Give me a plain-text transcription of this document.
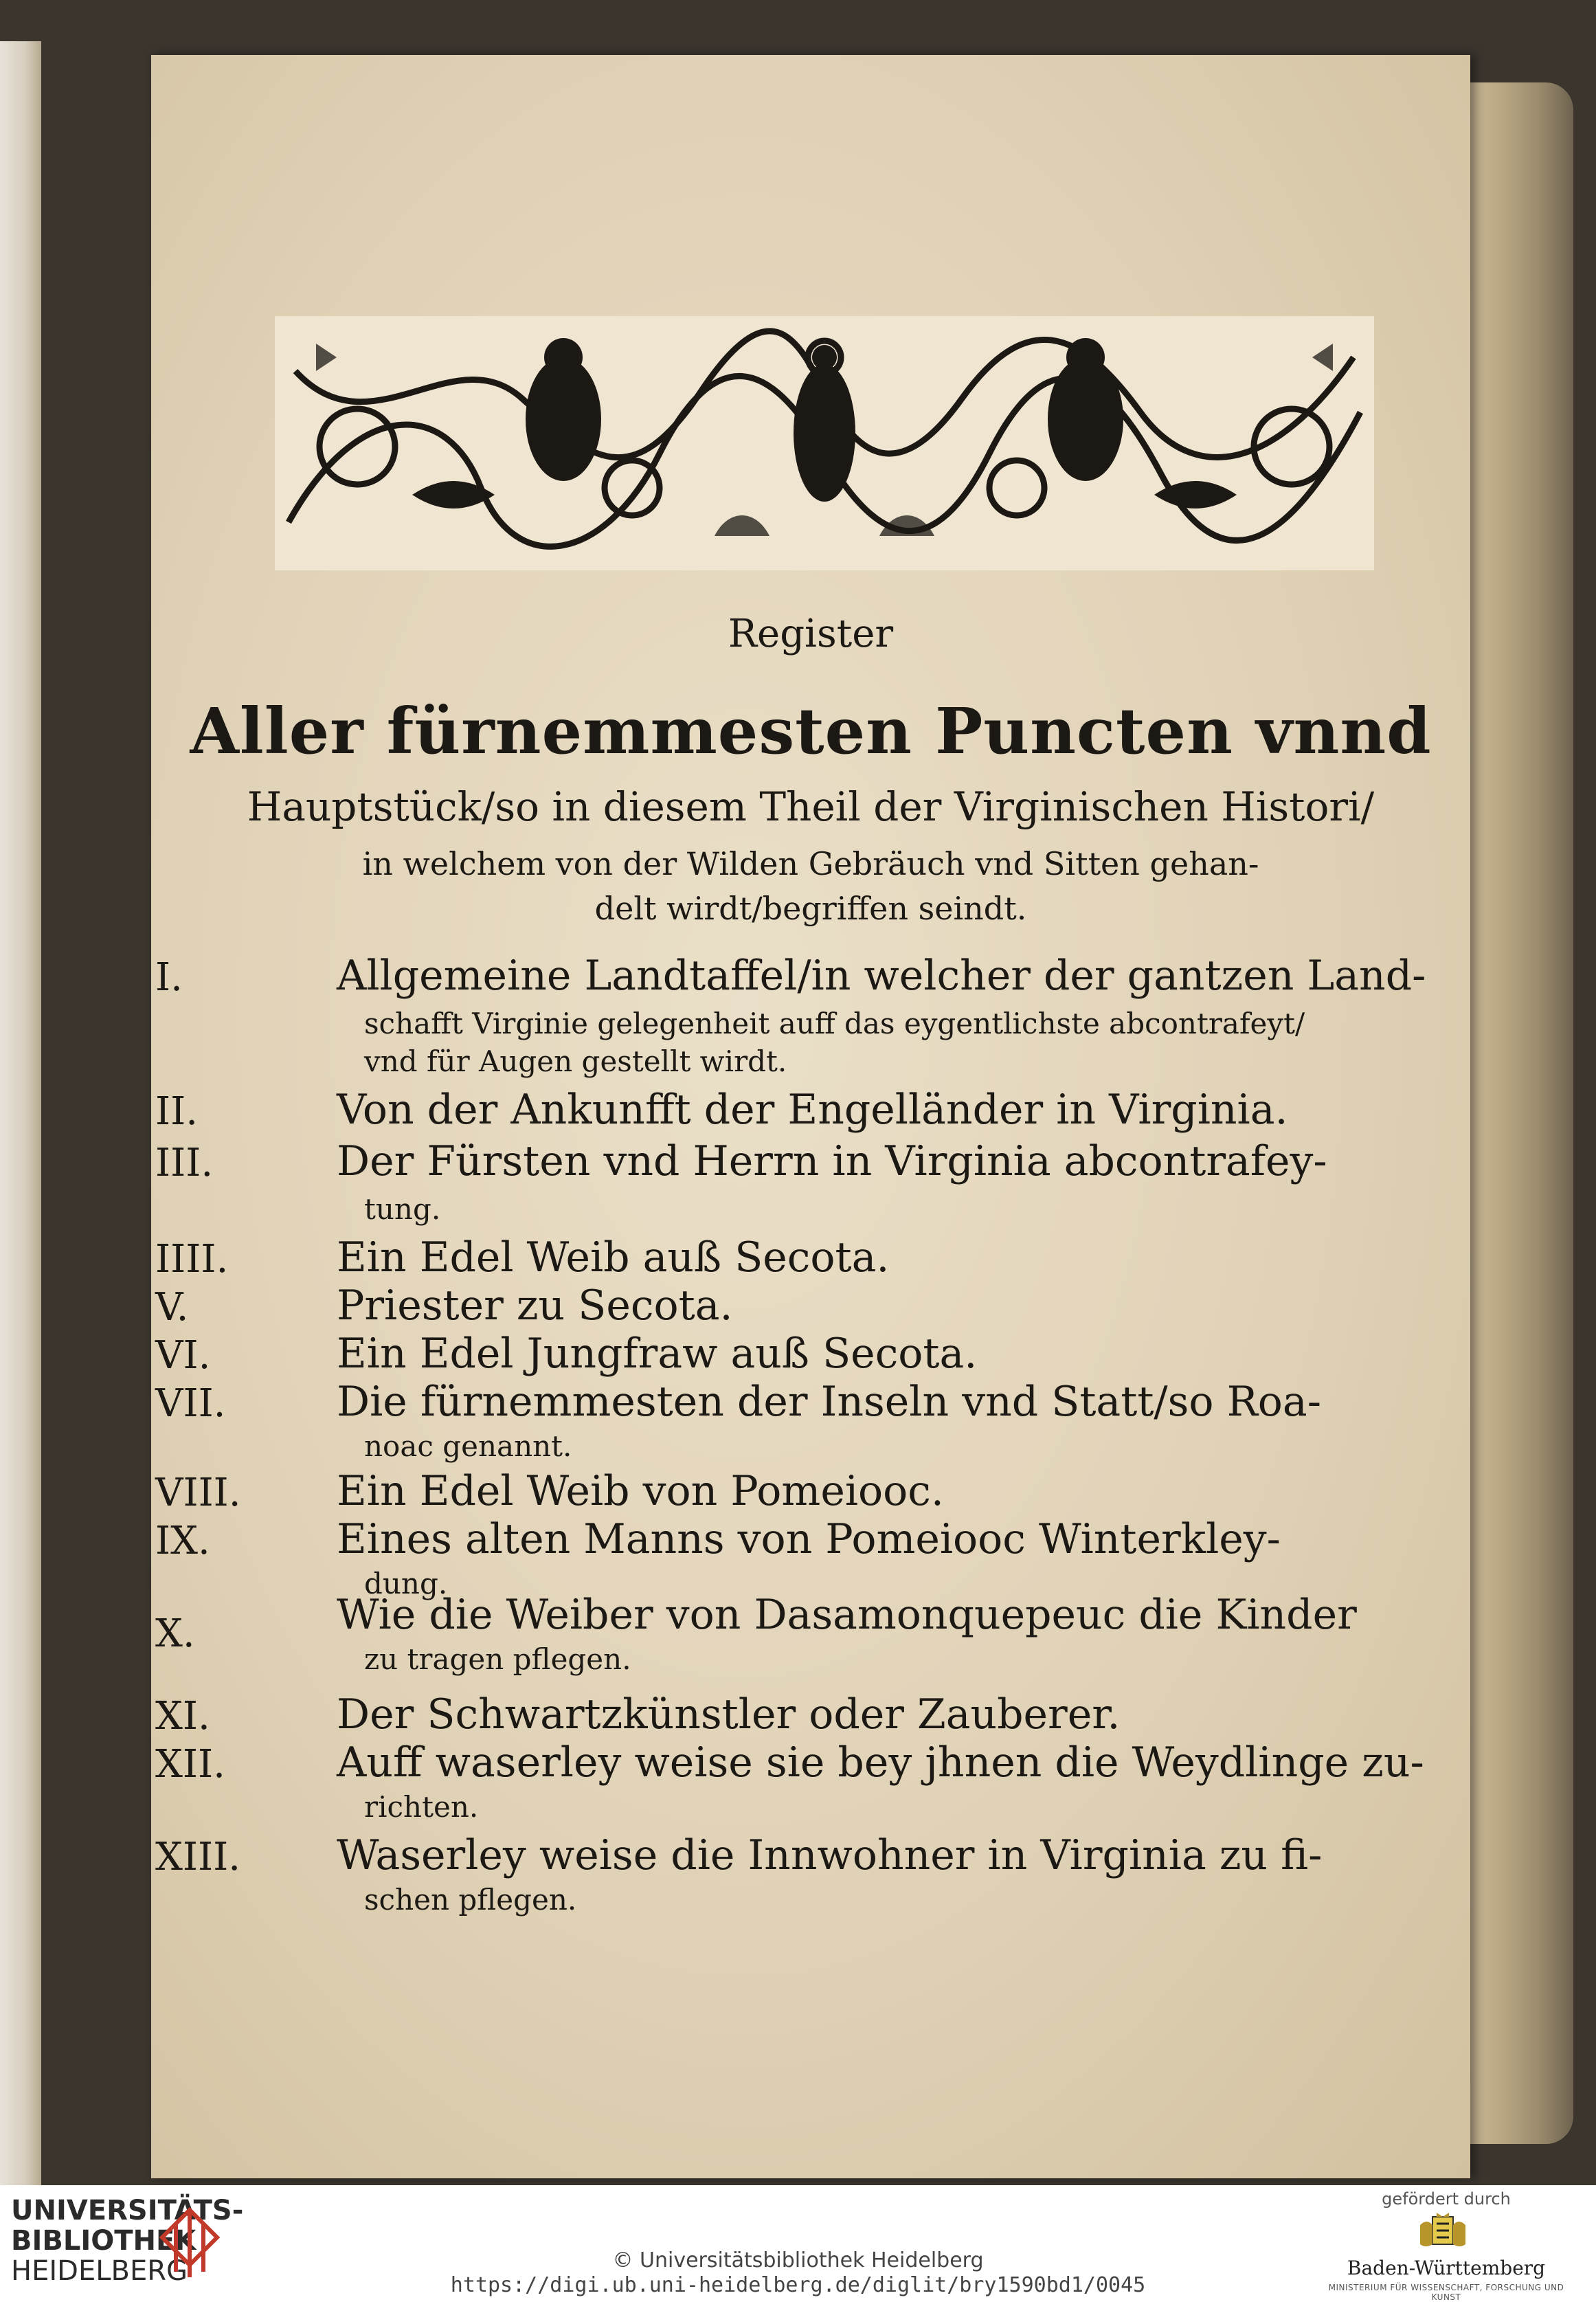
Register
Aller fürnemmesten Puncten vnnd
Hauptstück/so in diesem Theil der Virginischen Histori/
in welchem von der Wilden Gebräuch vnd Sitten gehan-
delt wirdt/begriffen seindt.
I.	Allgemeine Landtaffel/in welcher der gantzen Land-
schafft Virginie gelegenheit auff das eygentlichste abcontrafeyt/
vnd für Augen gestellt wirdt.
II.	Von der Ankunfft der Engelländer in Virginia.
III.	Der Fürsten vnd Herrn in Virginia abcontrafey-
tung.
IIII.	Ein Edel Weib auß Secota.
V.	Priester zu Secota.
VI.	Ein Edel Jungfraw auß Secota.
VII.	Die fürnemmesten der Inseln vnd Statt/so Roa-
noac genannt.
VIII. Ein Edel Weib von Pomeiooc.
IX.	Eines alten Manns von Pomeiooc Winterkley-
dung.
X.	Wie die Weiber von Dasamonquepeuc die Kinder
zu tragen pflegen.
XI.	Der Schwartzkünstler oder Zauberer.
XII.	Auff waserley weise sie bey jhnen die Weydlinge zu-
richten.
XIII. Waserley weise die Innwohner in Virginia zu fi-
schen pflegen.
UNIVERSITÄTS-
BIBLIOTHEK
HEIDELBERG	© Universitätsbibliothek Heidelberg
https://digi.ub.uni-heidelberg.de/diglit/bry1590bd1/0045
gefördert durch
Baden-Württemberg
MINISTERIUM FÜR WISSENSCHAFT, FORSCHUNG UND KUNST
